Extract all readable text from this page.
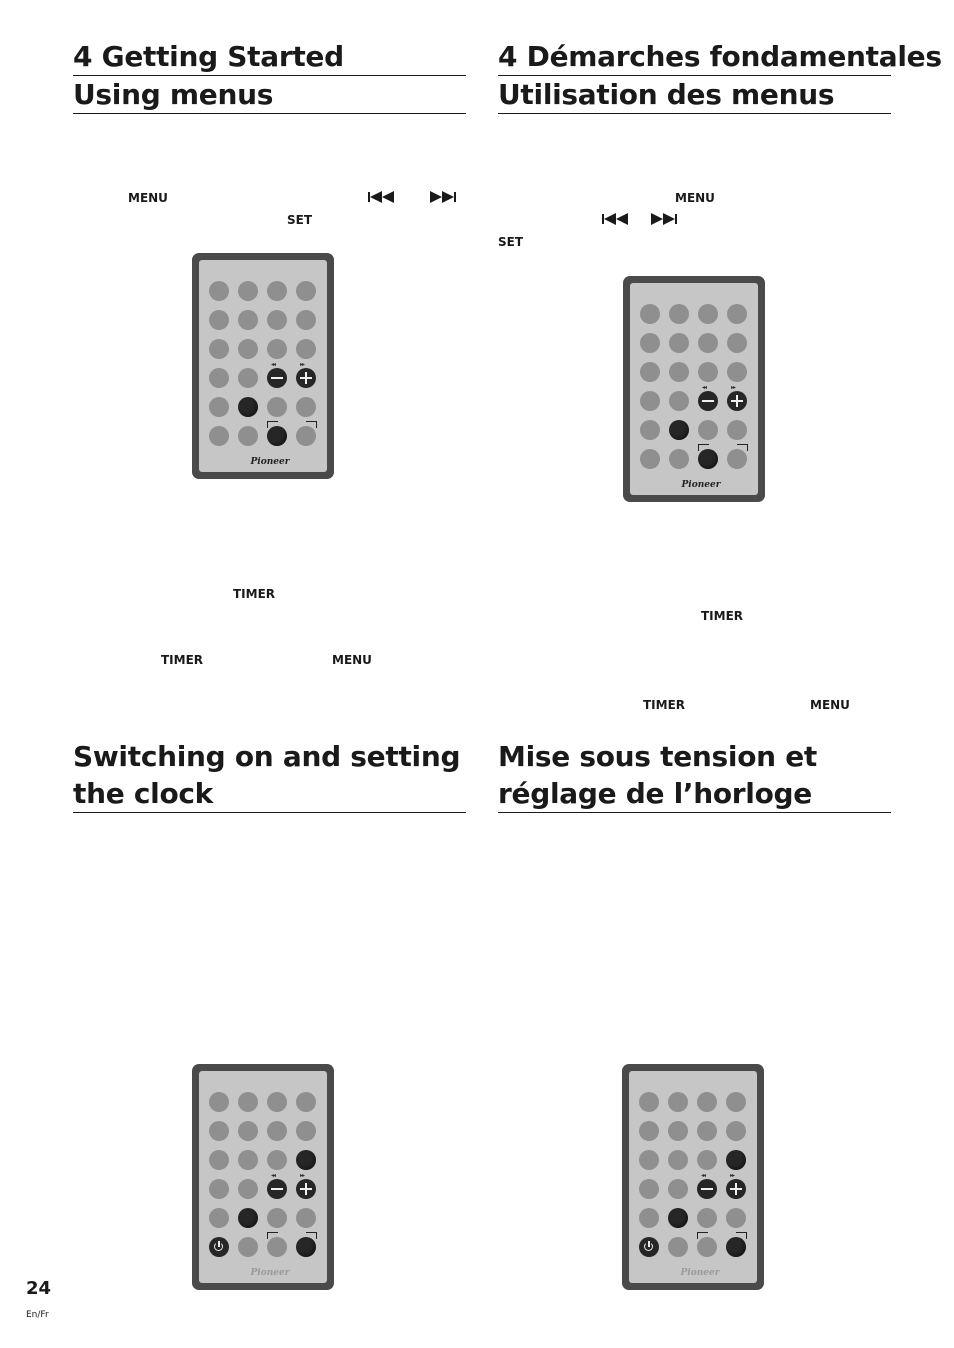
4 Getting Started
Using menus
4 Démarches fondamentales
Utilisation des menus
Switching on and setting
the clock
Mise sous tension et
réglage de l’horloge
MENU
SET
TIMER
TIMER	MENU
MENU
SET
TIMER
TIMER	MENU
◂◂	▸▸
Pioneer
◂◂	▸▸
Pioneer
◂◂	▸▸
Pioneer
◂◂	▸▸
Pioneer
24
En/Fr
